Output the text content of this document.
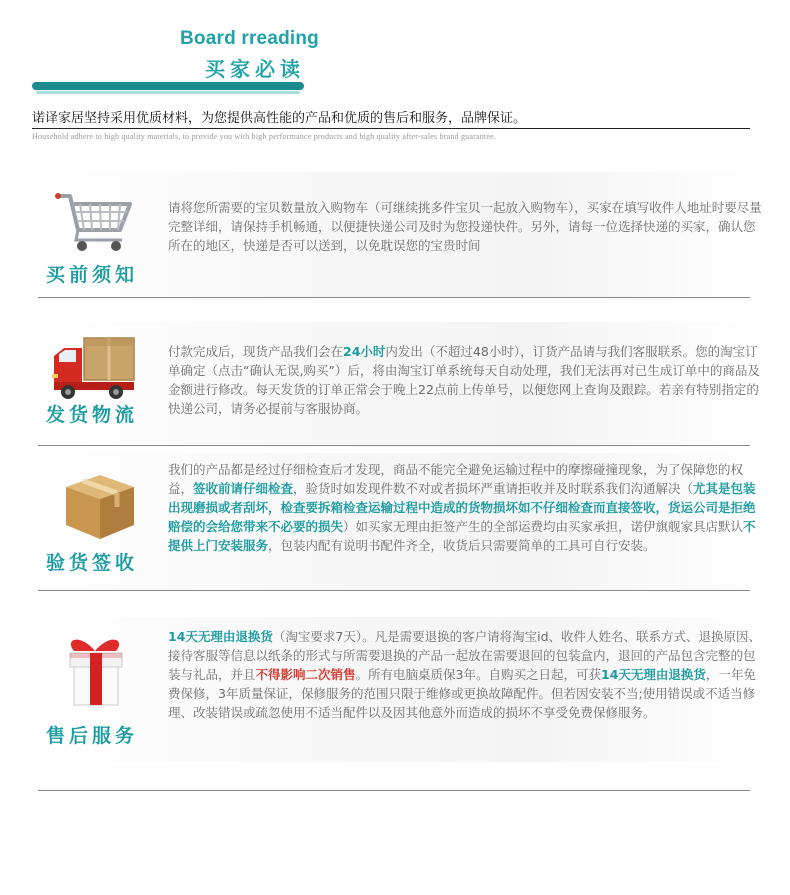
Board rreading
买家必读
诺译家居坚持采用优质材料，为您提供高性能的产品和优质的售后和服务，品牌保证。
Household adhere to high quality materials, to provide you with high performance products and high quality after-sales brand guarantee.
买前须知
请将您所需要的宝贝数量放入购物车（可继续挑多件宝贝一起放入购物车），买家在填写收件人地址时要尽量完整详细，请保持手机畅通，以便捷快递公司及时为您投递快件。另外，请每一位选择快递的买家，确认您所在的地区，快递是否可以送到，以免耽误您的宝贵时间
发货物流
付款完成后，现货产品我们会在24小时内发出（不超过48小时），订货产品请与我们客服联系。您的淘宝订单确定（点击“确认无误,购买”）后，将由淘宝订单系统每天自动处理，我们无法再对已生成订单中的商品及金额进行修改。每天发货的订单正常会于晚上22点前上传单号，以便您网上查询及跟踪。若亲有特别指定的快递公司，请务必提前与客服协商。
验货签收
我们的产品都是经过仔细检查后才发现，商品不能完全避免运输过程中的摩擦碰撞现象，为了保障您的权益，签收前请仔细检查，验货时如发现件数不对或者损坏严重请拒收并及时联系我们沟通解决（尤其是包装出现磨损或者刮坏，检查要拆箱检查运输过程中造成的货物损坏如不仔细检查而直接签收，货运公司是拒绝赔偿的会给您带来不必要的损失）如买家无理由拒签产生的全部运费均由买家承担，诺伊旗舰家具店默认不提供上门安装服务，包装内配有说明书配件齐全，收货后只需要简单的工具可自行安装。
售后服务
14天无理由退换货（淘宝要求7天）。凡是需要退换的客户请将淘宝id、收件人姓名、联系方式、退换原因、接待客服等信息以纸条的形式与所需要退换的产品一起放在需要退回的包装盒内，退回的产品包含完整的包装与礼品，并且不得影响二次销售。所有电脑桌质保3年。自购买之日起，可获14天无理由退换货，一年免费保修，3年质量保证，保修服务的范围只限于维修或更换故障配件。但若因安装不当;使用错误或不适当修理、改装错误或疏忽使用不适当配件以及因其他意外而造成的损坏不享受免费保修服务。
